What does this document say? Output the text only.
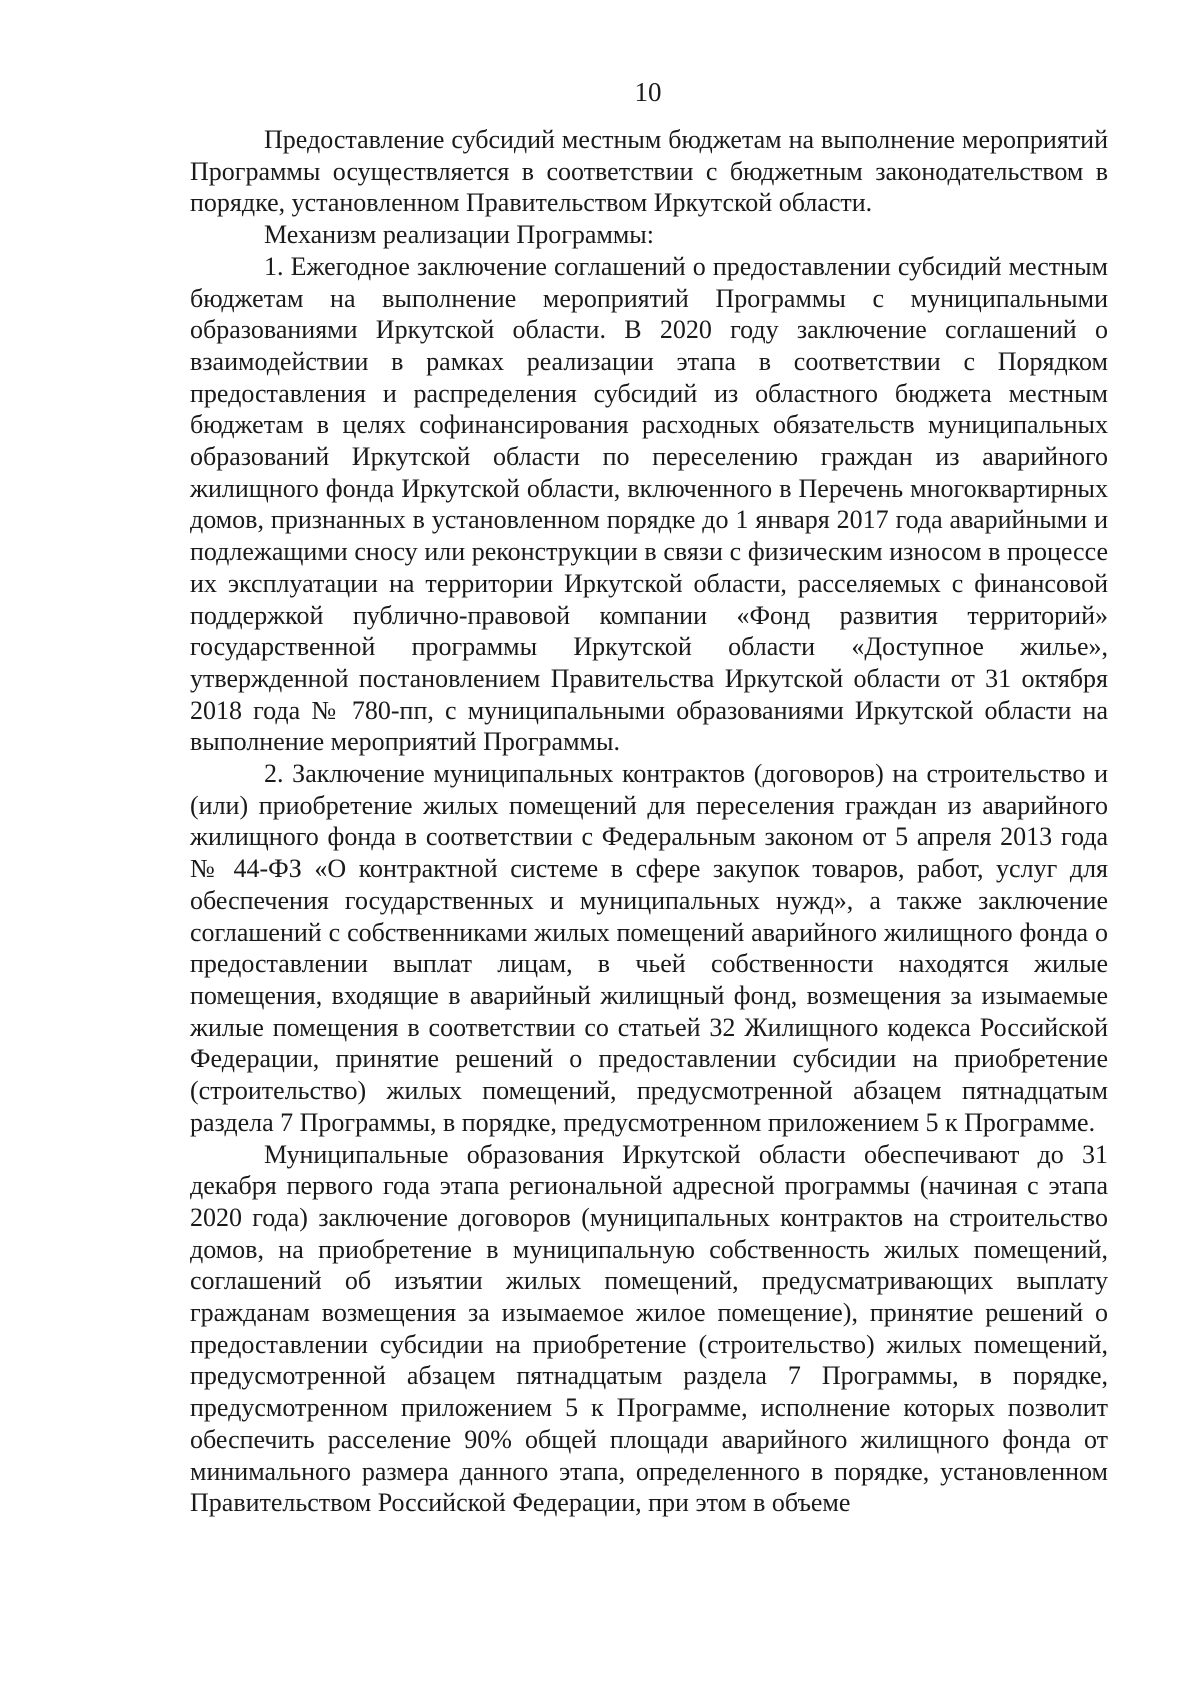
10

Предоставление субсидий местным бюджетам на выполнение мероприятий Программы осуществляется в соответствии с бюджетным законодательством в порядке, установленном Правительством Иркутской области.

Механизм реализации Программы:

1. Ежегодное заключение соглашений о предоставлении субсидий местным бюджетам на выполнение мероприятий Программы с муниципальными образованиями Иркутской области. В 2020 году заключение соглашений о взаимодействии в рамках реализации этапа в соответствии с Порядком предоставления и распределения субсидий из областного бюджета местным бюджетам в целях софинансирования расходных обязательств муниципальных образований Иркутской области по переселению граждан из аварийного жилищного фонда Иркутской области, включенного в Перечень многоквартирных домов, признанных в установленном порядке до 1 января 2017 года аварийными и подлежащими сносу или реконструкции в связи с физическим износом в процессе их эксплуатации на территории Иркутской области, расселяемых с финансовой поддержкой публично-правовой компании «Фонд развития территорий» государственной программы Иркутской области «Доступное жилье», утвержденной постановлением Правительства Иркутской области от 31 октября 2018 года № 780-пп, с муниципальными образованиями Иркутской области на выполнение мероприятий Программы.

2. Заключение муниципальных контрактов (договоров) на строительство и (или) приобретение жилых помещений для переселения граждан из аварийного жилищного фонда в соответствии с Федеральным законом от 5 апреля 2013 года № 44-ФЗ «О контрактной системе в сфере закупок товаров, работ, услуг для обеспечения государственных и муниципальных нужд», а также заключение соглашений с собственниками жилых помещений аварийного жилищного фонда о предоставлении выплат лицам, в чьей собственности находятся жилые помещения, входящие в аварийный жилищный фонд, возмещения за изымаемые жилые помещения в соответствии со статьей 32 Жилищного кодекса Российской Федерации, принятие решений о предоставлении субсидии на приобретение (строительство) жилых помещений, предусмотренной абзацем пятнадцатым раздела 7 Программы, в порядке, предусмотренном приложением 5 к Программе.

Муниципальные образования Иркутской области обеспечивают до 31 декабря первого года этапа региональной адресной программы (начиная с этапа 2020 года) заключение договоров (муниципальных контрактов на строительство домов, на приобретение в муниципальную собственность жилых помещений, соглашений об изъятии жилых помещений, предусматривающих выплату гражданам возмещения за изымаемое жилое помещение), принятие решений о предоставлении субсидии на приобретение (строительство) жилых помещений, предусмотренной абзацем пятнадцатым раздела 7 Программы, в порядке, предусмотренном приложением 5 к Программе, исполнение которых позволит обеспечить расселение 90% общей площади аварийного жилищного фонда от минимального размера данного этапа, определенного в порядке, установленном Правительством Российской Федерации, при этом в объеме
